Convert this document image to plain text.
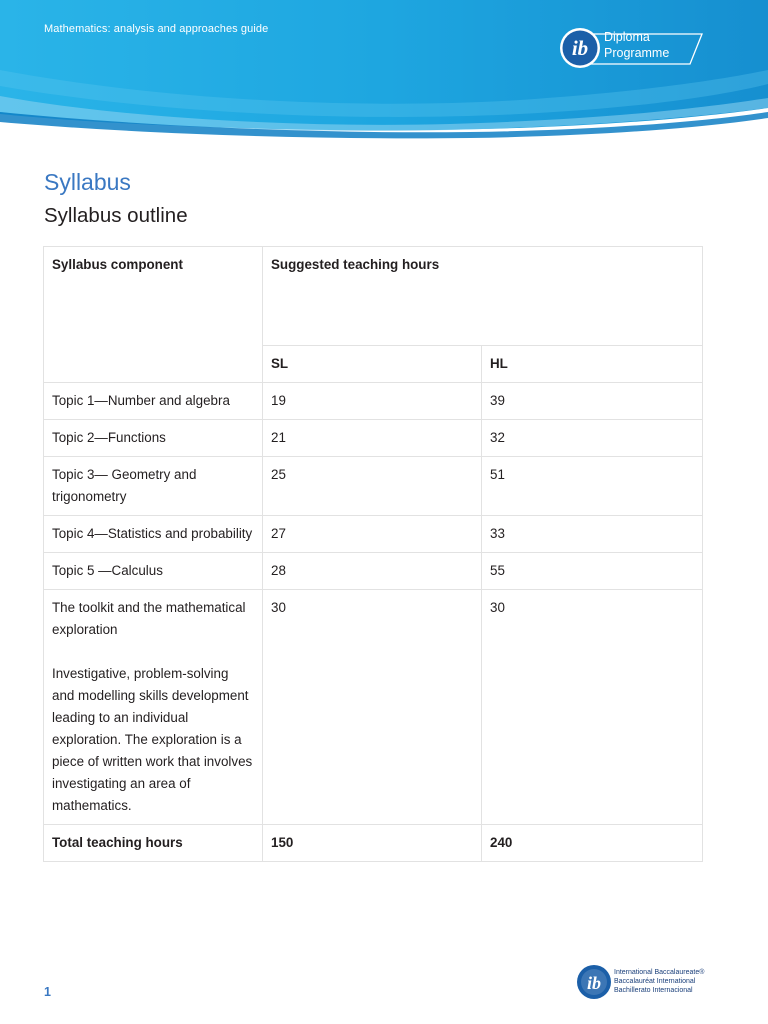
Mathematics: analysis and approaches guide
ib Diploma
Programme
Syllabus
Syllabus outline
Syllabus component	Suggested teaching hours	
	SL	HL
Topic 1—Number and algebra	19	39
Topic 2—Functions	21	32
Topic 3— Geometry and trigonometry	25	51
Topic 4—Statistics and probability	27	33
Topic 5 —Calculus	28	55
The toolkit and the mathematical exploration
Investigative, problem-solving and modelling skills development leading to an individual exploration. The exploration is a piece of written work that involves investigating an area of mathematics.	30	30
Total teaching hours	150	240
1	ib
International Baccalaureate®
Baccalauréat International
Bachillerato Internacional
